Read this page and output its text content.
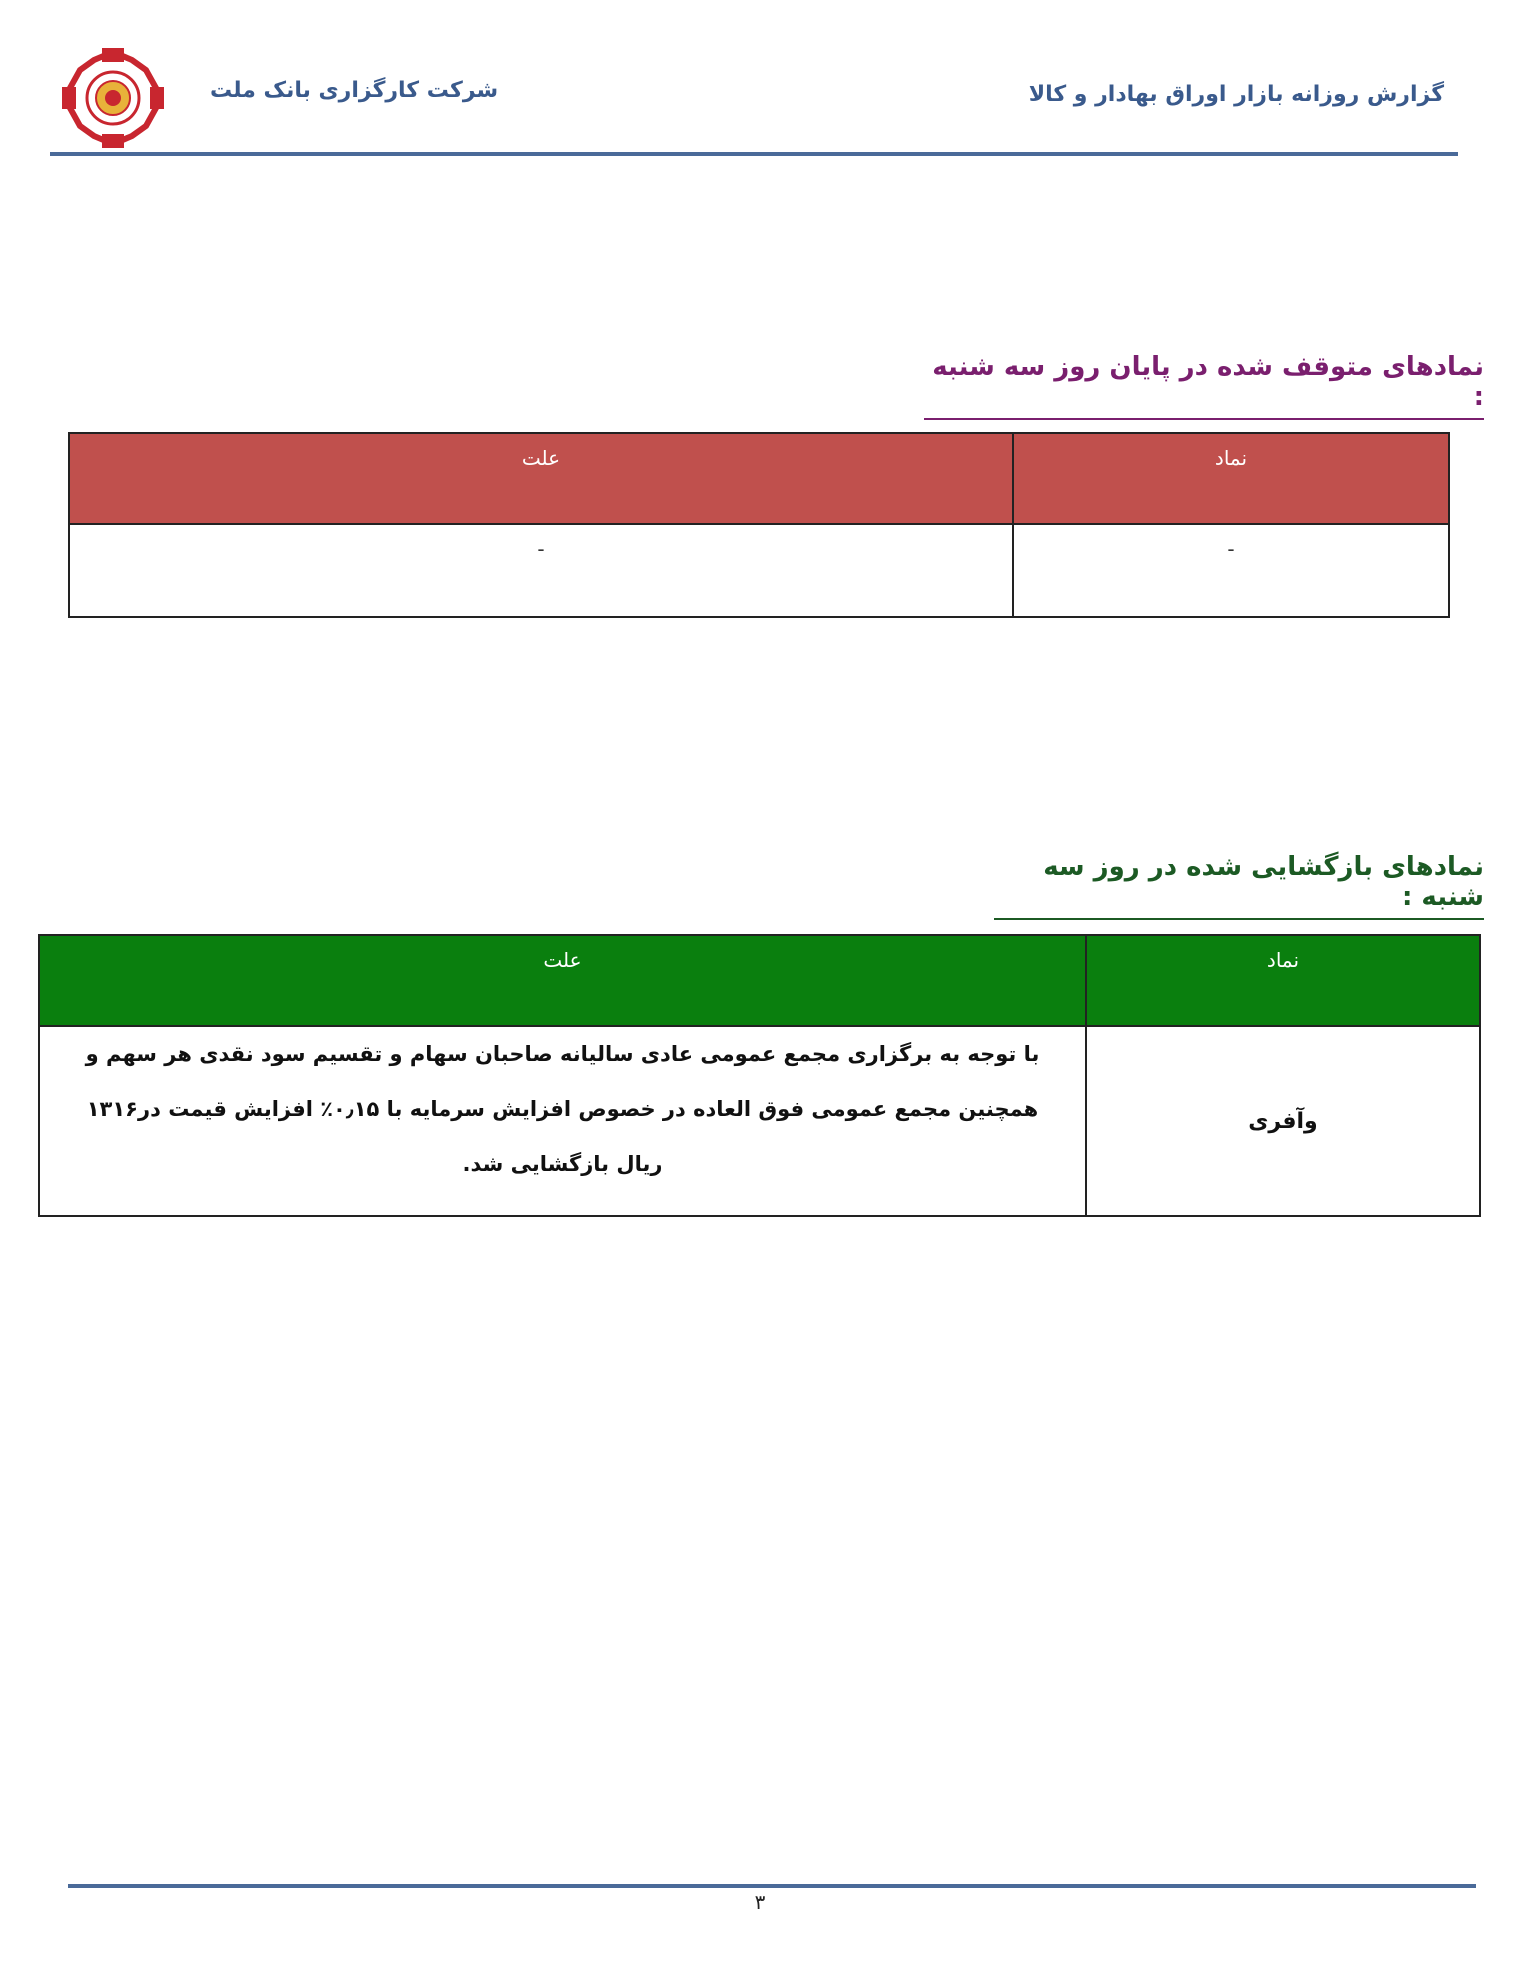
شرکت کارگزاری بانک ملت	گزارش روزانه بازار اوراق بهادار و کالا
نمادهای متوقف شده در پایان روز سه شنبه :
نماد	علت
-	-
نمادهای بازگشایی شده در روز سه شنبه :
نماد	علت
وآفری	با توجه به برگزاری مجمع عمومی عادی سالیانه صاحبان سهام و تقسیم سود نقدی هر سهم و همچنین مجمع عمومی فوق العاده در خصوص افزایش سرمایه با ۰٫۱۵٪ افزایش قیمت در۱۳۱۶ ریال بازگشایی شد.
۳
